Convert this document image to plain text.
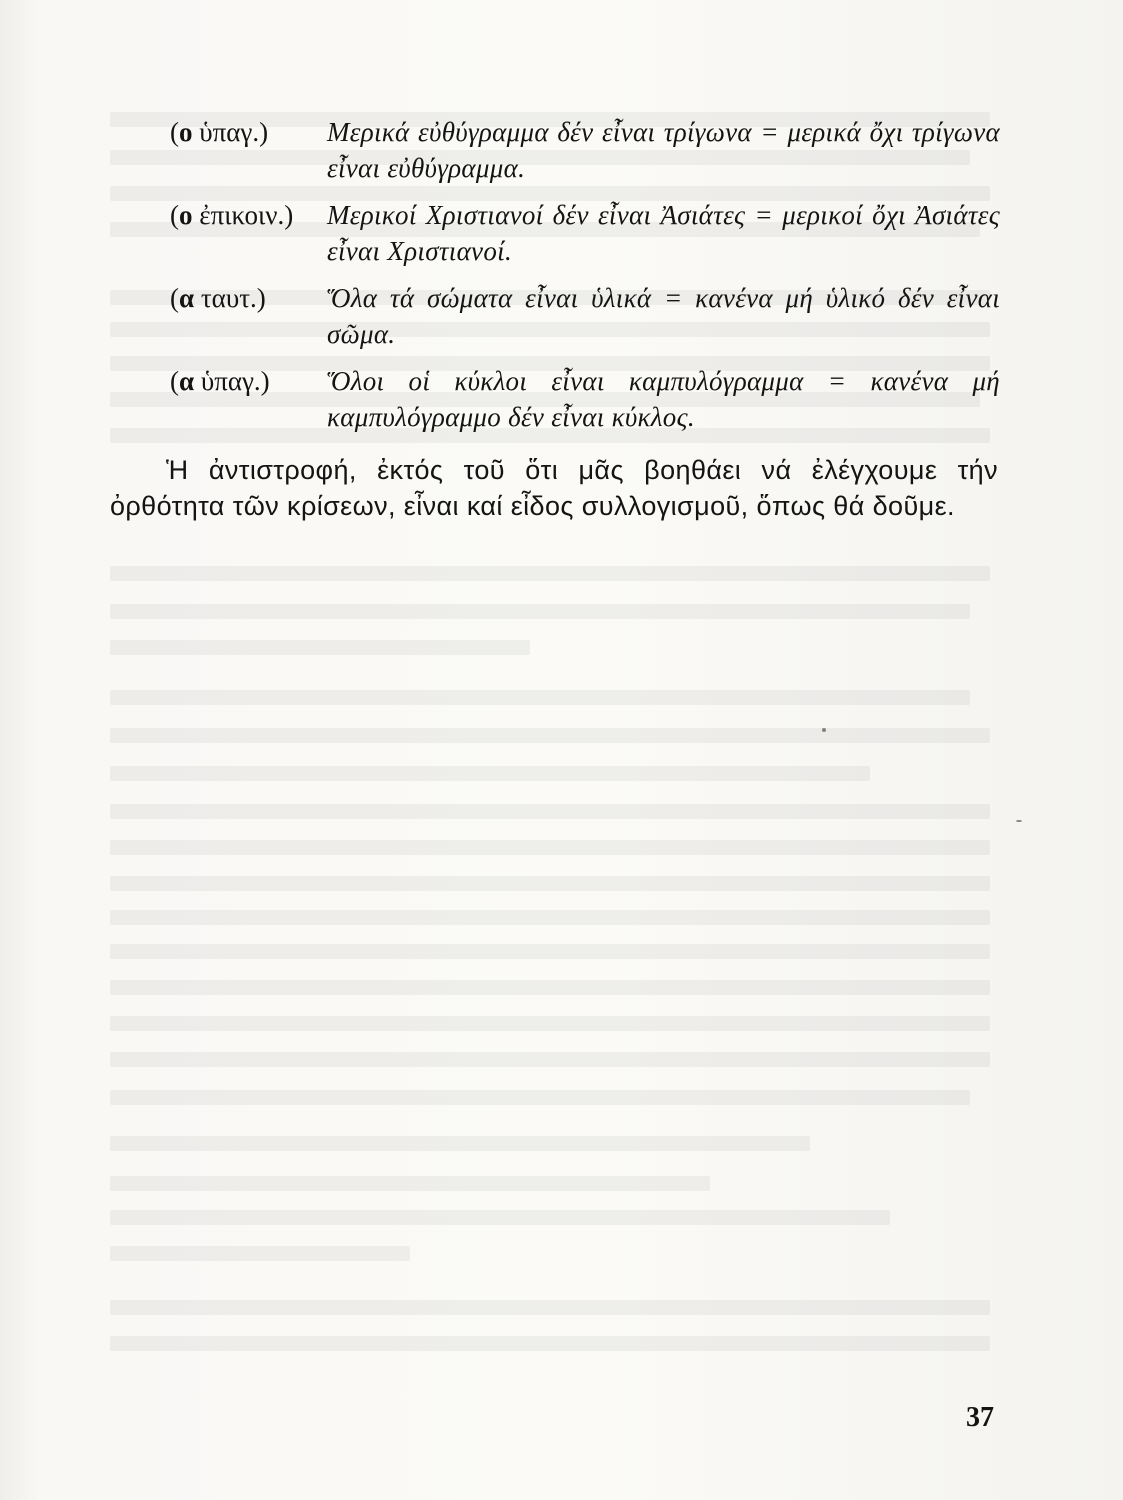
(ο ὑπαγ.) Μερικά εὐθύγραμμα δέν εἶναι τρίγωνα = μερικά ὄχι τρίγωνα εἶναι εὐθύγραμμα.
(ο ἐπικοιν.) Μερικοί Χριστιανοί δέν εἶναι Ἀσιάτες = μερικοί ὄχι Ἀσιάτες εἶναι Χριστιανοί.
(α ταυτ.) Ὅλα τά σώματα εἶναι ὑλικά = κανένα μή ὑλικό δέν εἶναι σῶμα.
(α ὑπαγ.) Ὅλοι οἱ κύκλοι εἶναι καμπυλόγραμμα = κανένα μή καμπυλόγραμμο δέν εἶναι κύκλος.
Ἡ ἀντιστροφή, ἐκτός τοῦ ὅτι μᾶς βοηθάει νά ἐλέγχουμε τήν ὀρθότητα τῶν κρίσεων, εἶναι καί εἶδος συλλογισμοῦ, ὅπως θά δοῦμε.
37
